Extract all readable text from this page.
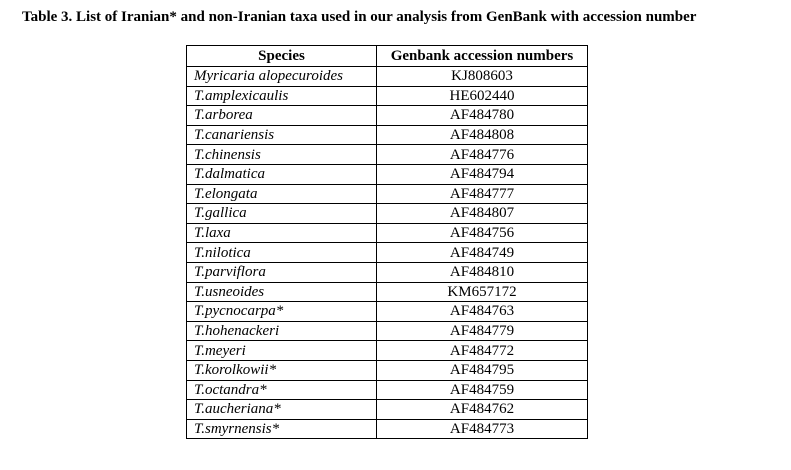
Table 3. List of Iranian* and non-Iranian taxa used in our analysis from GenBank with accession number
Species	Genbank accession numbers
Myricaria alopecuroides	KJ808603
T.amplexicaulis	HE602440
T.arborea	AF484780
T.canariensis	AF484808
T.chinensis	AF484776
T.dalmatica	AF484794
T.elongata	AF484777
T.gallica	AF484807
T.laxa	AF484756
T.nilotica	AF484749
T.parviflora	AF484810
T.usneoides	KM657172
T.pycnocarpa*	AF484763
T.hohenackeri	AF484779
T.meyeri	AF484772
T.korolkowii*	AF484795
T.octandra*	AF484759
T.aucheriana*	AF484762
T.smyrnensis*	AF484773
